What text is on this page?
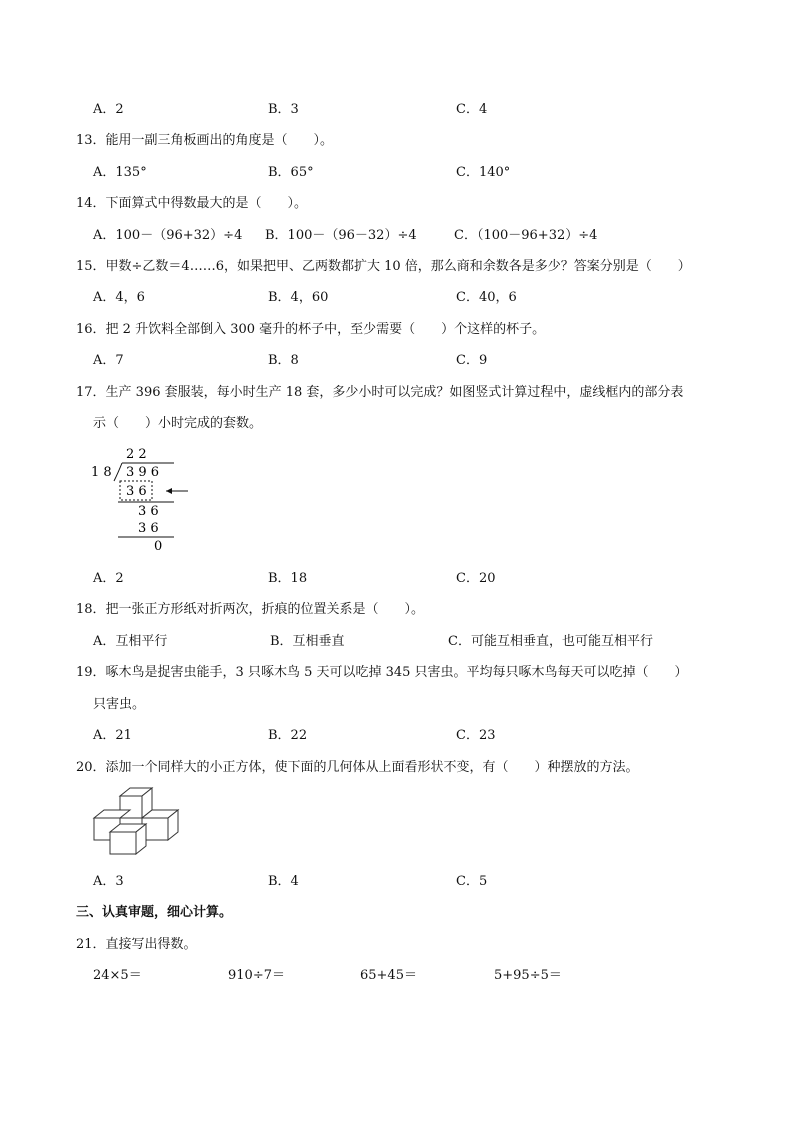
A．2	B．3	C．4
13．能用一副三角板画出的角度是（　　）。
A．135°	B．65°	C．140°
14．下面算式中得数最大的是（　　）。
A．100－（96+32）÷4 B．100－（96－32）÷4	C．（100－96+32）÷4
15．甲数÷乙数＝4……6，如果把甲、乙两数都扩大 10 倍，那么商和余数各是多少？答案分别是（　　）
A．4，6	B．4，60	C．40，6
16．把 2 升饮料全部倒入 300 毫升的杯子中，至少需要（　　）个这样的杯子。
A．7	B．8	C．9
17．生产 396 套服装，每小时生产 18 套，多少小时可以完成？如图竖式计算过程中，虚线框内的部分表
示（　　）小时完成的套数。
2 2
1 8 3 9 6
3 6
3 6
3 6
0
A．2	B．18	C．20
18．把一张正方形纸对折两次，折痕的位置关系是（　　）。
A．互相平行	B．互相垂直	C．可能互相垂直，也可能互相平行
19．啄木鸟是捉害虫能手，3 只啄木鸟 5 天可以吃掉 345 只害虫。平均每只啄木鸟每天可以吃掉（　　）
只害虫。
A．21	B．22	C．23
20．添加一个同样大的小正方体，使下面的几何体从上面看形状不变，有（　　）种摆放的方法。
A．3	B．4	C．5
三、认真审题，细心计算。
21．直接写出得数。
24×5＝	910÷7＝	65+45＝	5+95÷5＝
